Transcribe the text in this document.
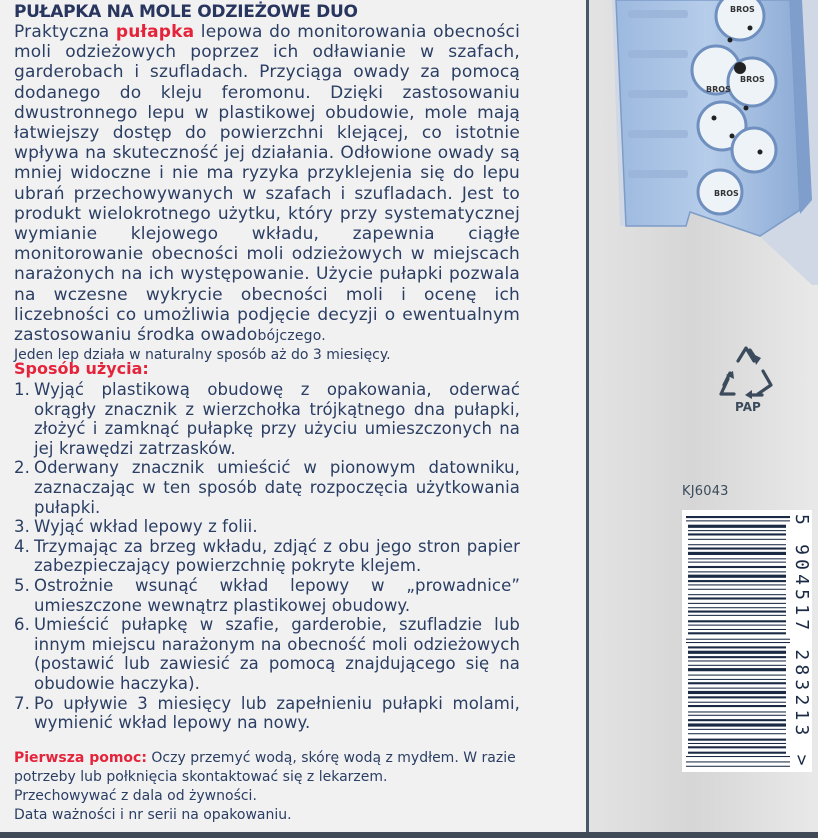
PUŁAPKA NA MOLE ODZIEŻOWE DUO

Praktyczna pułapka lepowa do monitorowania obecności moli odzieżowych poprzez ich odławianie w szafach, garderobach i szufladach. Przyciąga owady za pomocą dodanego do kleju feromonu. Dzięki zastosowaniu dwustronnego lepu w plastikowej obudowie, mole mają łatwiejszy dostęp do powierzchni klejącej, co istotnie wpływa na skuteczność jej działania. Odłowione owady są mniej widoczne i nie ma ryzyka przyklejenia się do lepu ubrań przechowywanych w szafach i szufladach. Jest to produkt wielokrotnego użytku, który przy systematycznej wymianie klejowego wkładu, zapewnia ciągłe monitorowanie obecności moli odzieżowych w miejscach narażonych na ich występowanie. Użycie pułapki pozwala na wczesne wykrycie obecności moli i ocenę ich liczebności co umożliwia podjęcie decyzji o ewentualnym zastosowaniu środka owadobójczego.
Jeden lep działa w naturalny sposób aż do 3 miesięcy.

Sposób użycia:
1. Wyjąć plastikową obudowę z opakowania, oderwać okrągły znacznik z wierzchołka trójkątnego dna pułapki, złożyć i zamknąć pułapkę przy użyciu umieszczonych na jej krawędzi zatrzasków.
2. Oderwany znacznik umieścić w pionowym datowniku, zaznaczając w ten sposób datę rozpoczęcia użytkowania pułapki.
3. Wyjąć wkład lepowy z folii.
4. Trzymając za brzeg wkładu, zdjąć z obu jego stron papier zabezpieczający powierzchnię pokryte klejem.
5. Ostrożnie wsunąć wkład lepowy w „prowadnice” umieszczone wewnątrz plastikowej obudowy.
6. Umieścić pułapkę w szafie, garderobie, szufladzie lub innym miejscu narażonym na obecność moli odzieżowych (postawić lub zawiesić za pomocą znajdującego się na obudowie haczyka).
7. Po upływie 3 miesięcy lub zapełnieniu pułapki molami, wymienić wkład lepowy na nowy.

Pierwsza pomoc: Oczy przemyć wodą, skórę wodą z mydłem. W razie potrzeby lub połknięcia skontaktować się z lekarzem.
Przechowywać z dala od żywności.
Data ważności i nr serii na opakowaniu.

BROS
BROS
BROS
BROS
PAP
KJ6043
5 904517 283213 >
